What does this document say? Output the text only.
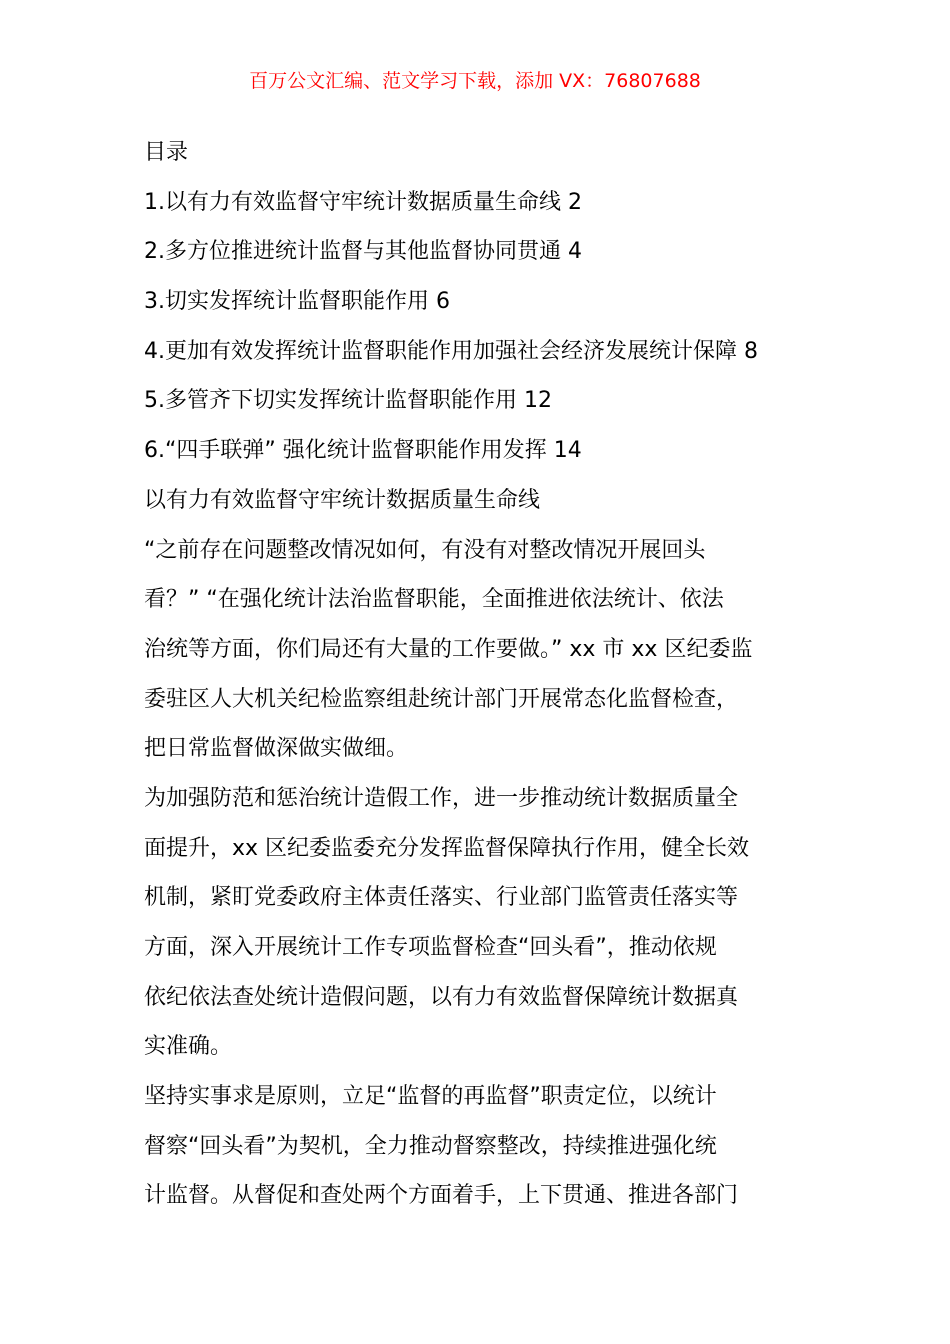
百万公文汇编、范文学习下载，添加 VX：76807688
目录
1.以有力有效监督守牢统计数据质量生命线 2
2.多方位推进统计监督与其他监督协同贯通 4
3.切实发挥统计监督职能作用 6
4.更加有效发挥统计监督职能作用加强社会经济发展统计保障 8
5.多管齐下切实发挥统计监督职能作用 12
6.“四手联弹” 强化统计监督职能作用发挥 14
以有力有效监督守牢统计数据质量生命线
“之前存在问题整改情况如何，有没有对整改情况开展回头
看？” “在强化统计法治监督职能，全面推进依法统计、依法
治统等方面，你们局还有大量的工作要做。” xx 市 xx 区纪委监
委驻区人大机关纪检监察组赴统计部门开展常态化监督检查，
把日常监督做深做实做细。
为加强防范和惩治统计造假工作，进一步推动统计数据质量全
面提升，xx 区纪委监委充分发挥监督保障执行作用，健全长效
机制，紧盯党委政府主体责任落实、行业部门监管责任落实等
方面，深入开展统计工作专项监督检查“回头看”，推动依规
依纪依法查处统计造假问题，以有力有效监督保障统计数据真
实准确。
坚持实事求是原则，立足“监督的再监督”职责定位，以统计
督察“回头看”为契机，全力推动督察整改，持续推进强化统
计监督。从督促和查处两个方面着手，上下贯通、推进各部门
